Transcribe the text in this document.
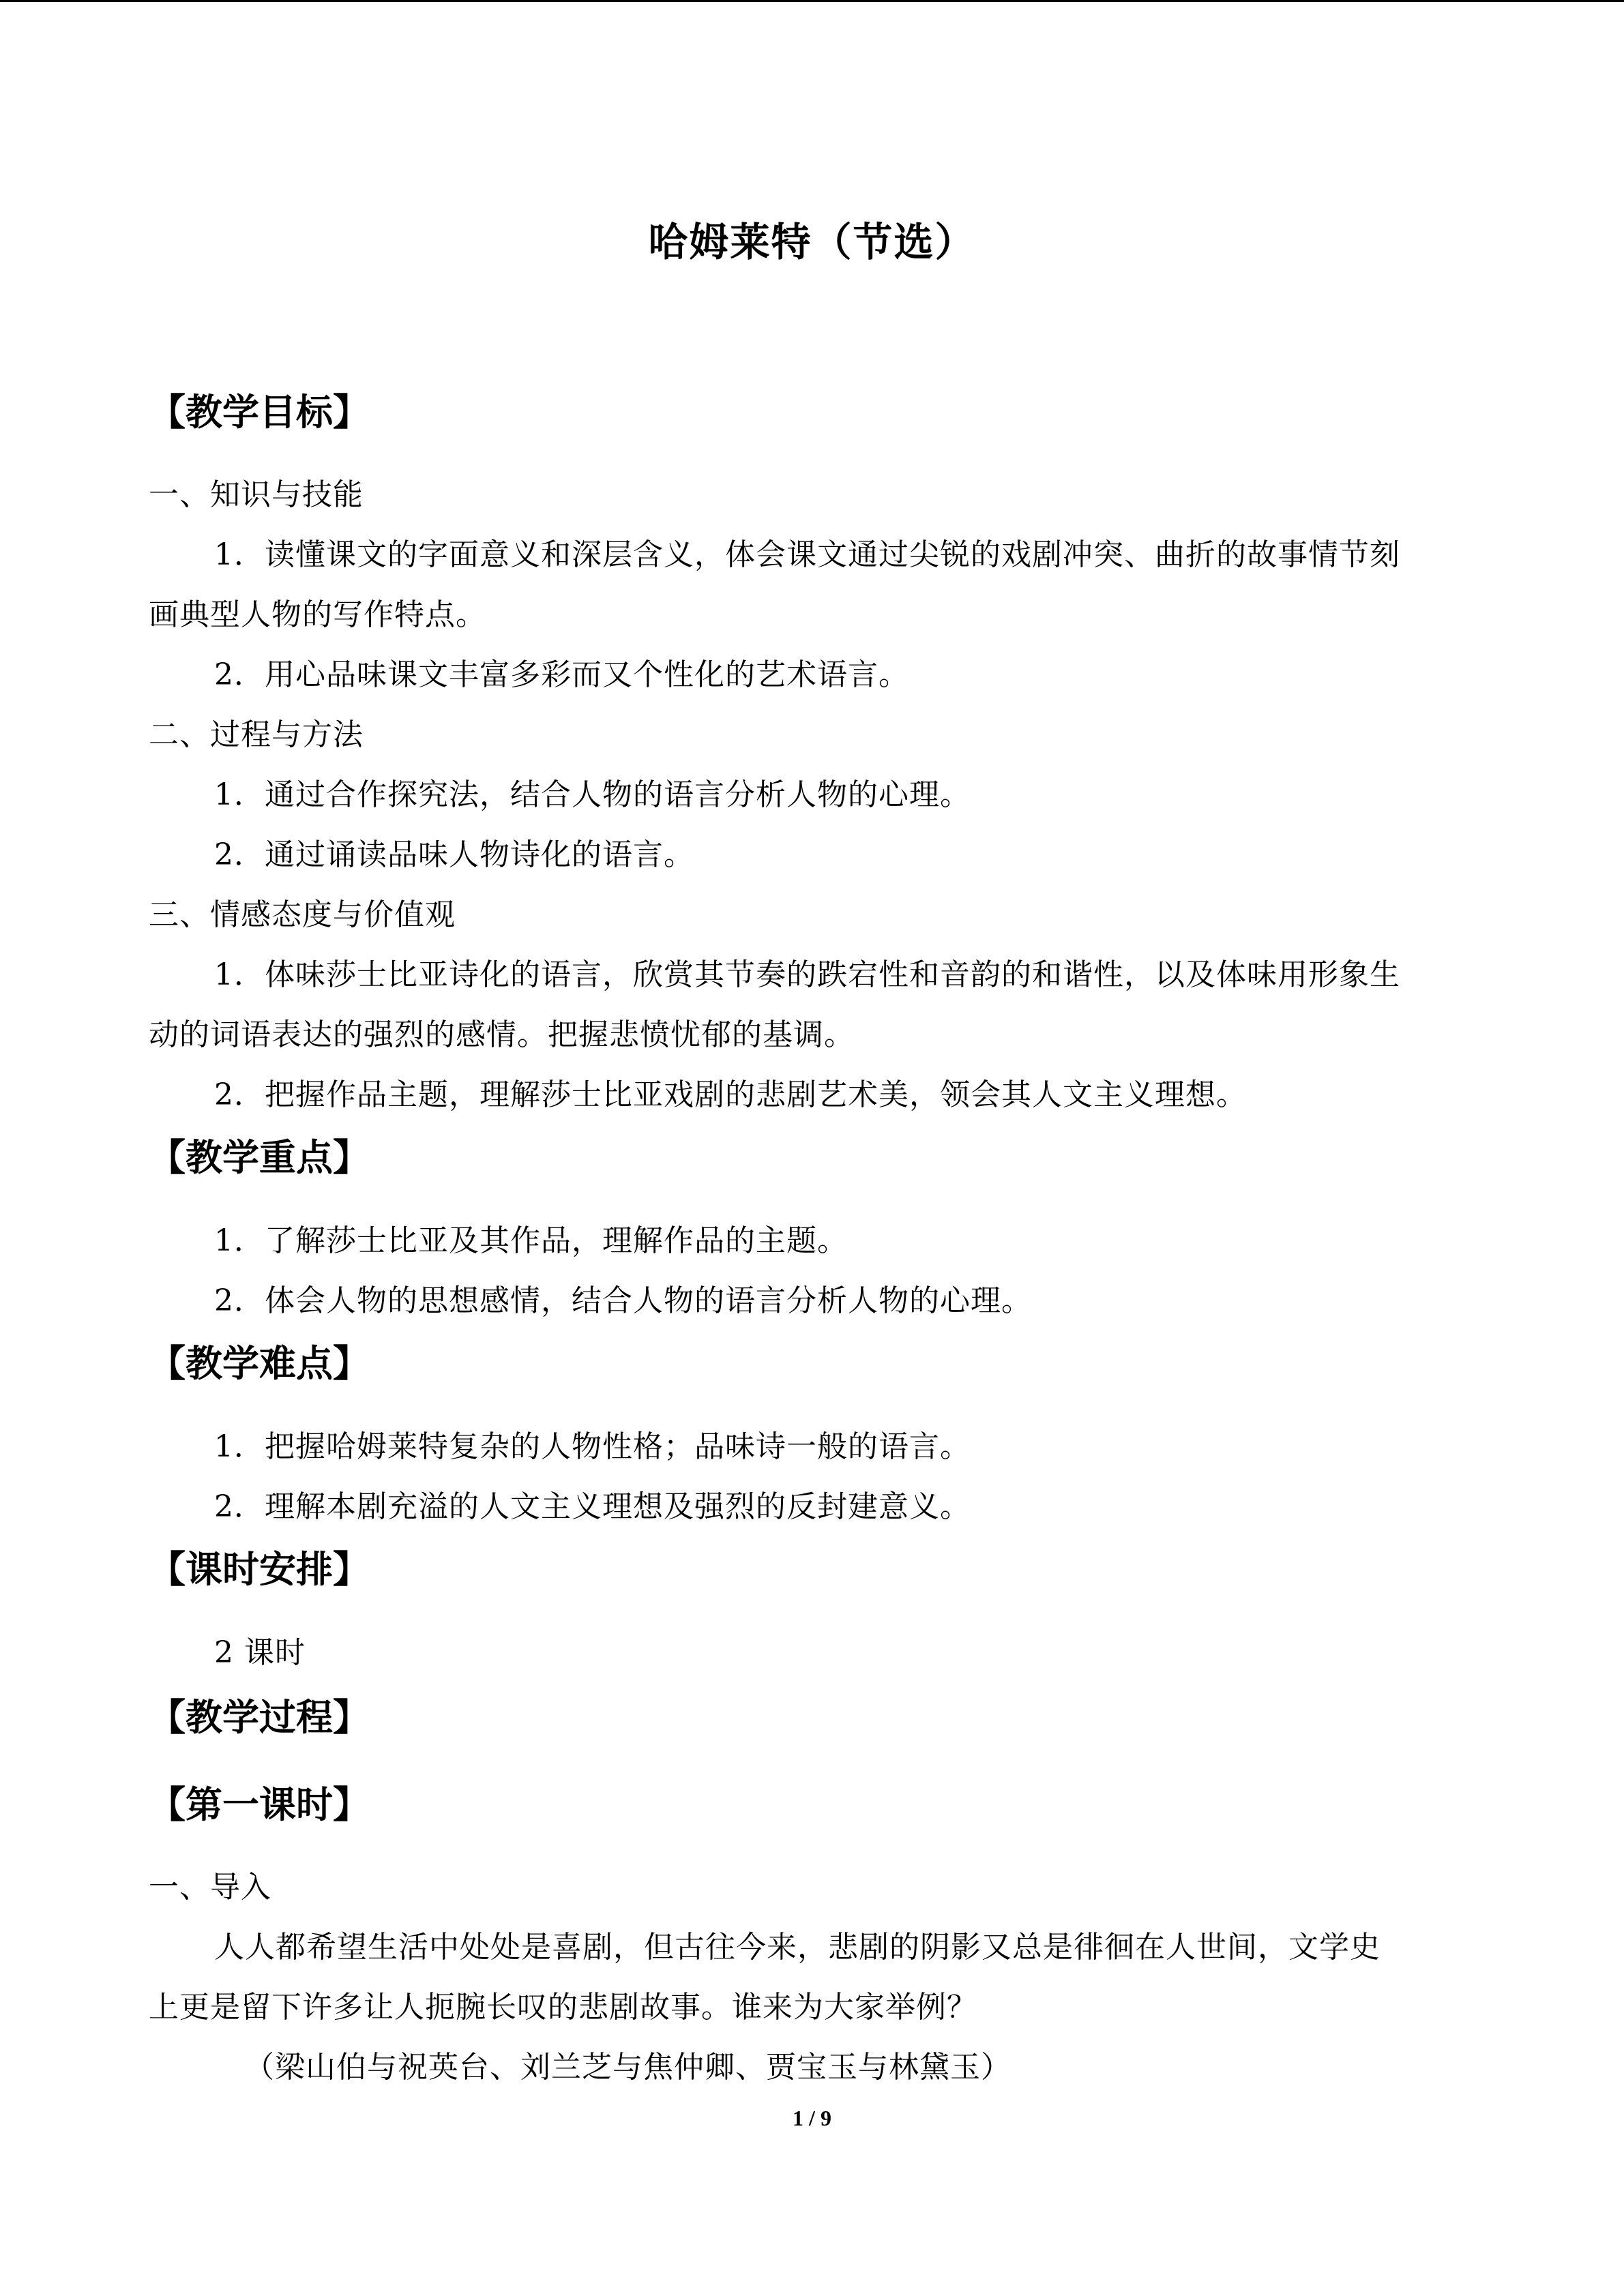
哈姆莱特（节选）
【教学目标】
一、知识与技能
1．读懂课文的字面意义和深层含义，体会课文通过尖锐的戏剧冲突、曲折的故事情节刻
画典型人物的写作特点。
2．用心品味课文丰富多彩而又个性化的艺术语言。
二、过程与方法
1．通过合作探究法，结合人物的语言分析人物的心理。
2．通过诵读品味人物诗化的语言。
三、情感态度与价值观
1．体味莎士比亚诗化的语言，欣赏其节奏的跌宕性和音韵的和谐性，以及体味用形象生
动的词语表达的强烈的感情。把握悲愤忧郁的基调。
2．把握作品主题，理解莎士比亚戏剧的悲剧艺术美，领会其人文主义理想。
【教学重点】
1．了解莎士比亚及其作品，理解作品的主题。
2．体会人物的思想感情，结合人物的语言分析人物的心理。
【教学难点】
1．把握哈姆莱特复杂的人物性格；品味诗一般的语言。
2．理解本剧充溢的人文主义理想及强烈的反封建意义。
【课时安排】
2 课时
【教学过程】
【第一课时】
一、导入
人人都希望生活中处处是喜剧，但古往今来，悲剧的阴影又总是徘徊在人世间，文学史
上更是留下许多让人扼腕长叹的悲剧故事。谁来为大家举例？
（梁山伯与祝英台、刘兰芝与焦仲卿、贾宝玉与林黛玉）
1 / 9
